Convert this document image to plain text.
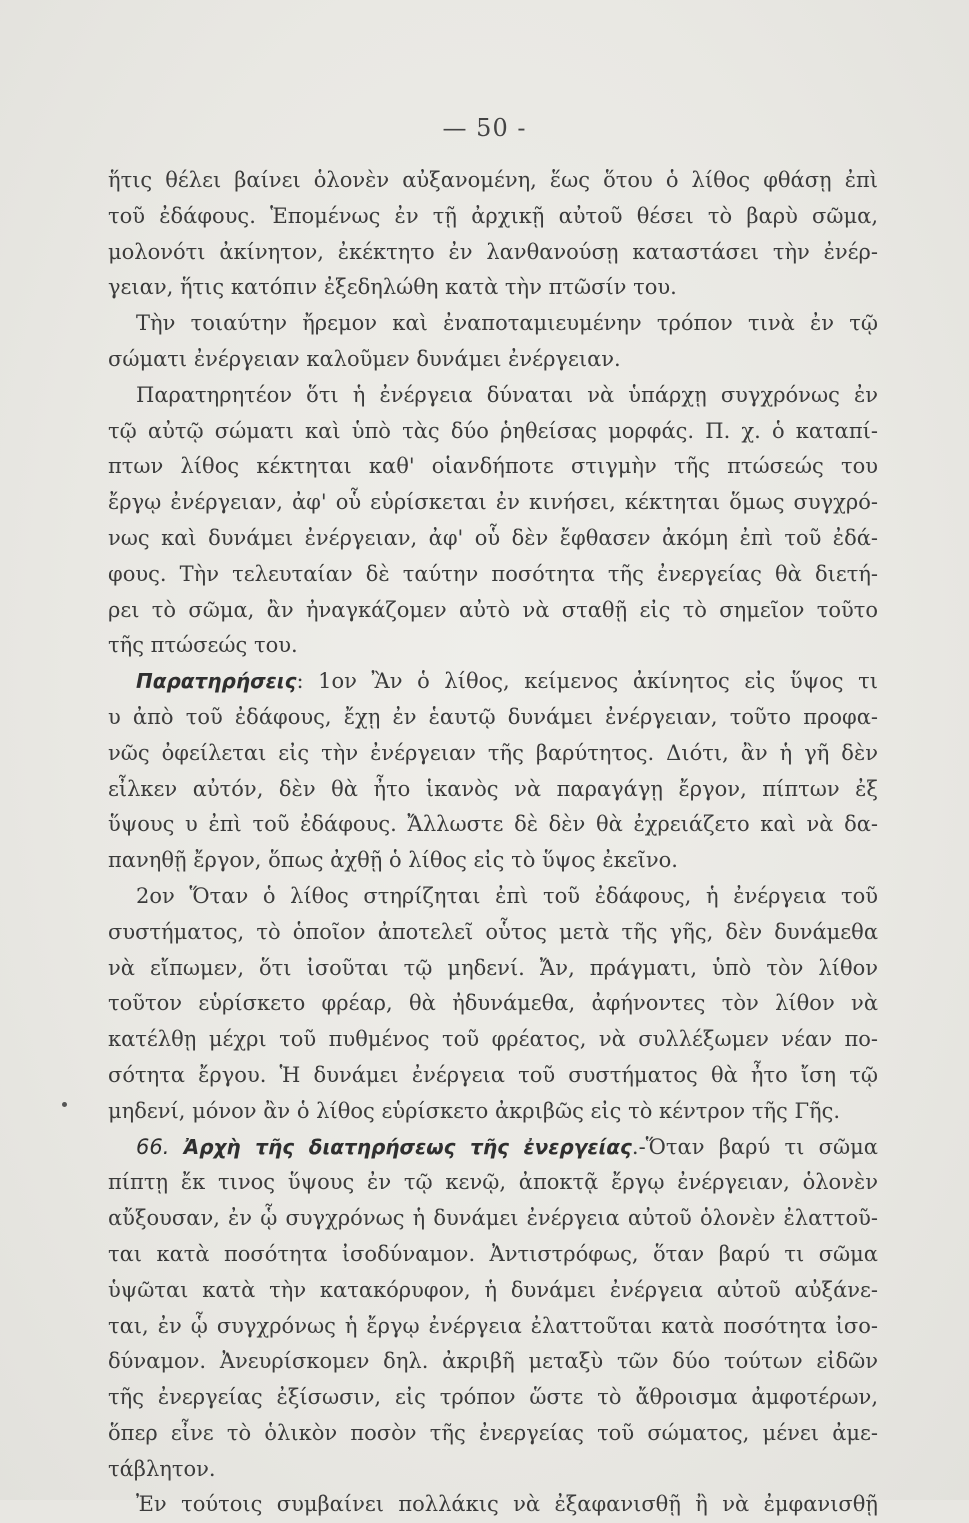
— 50 -
ἥτις θέλει βαίνει ὁλονὲν αὐξανομένη, ἕως ὅτου ὁ λίθος φθάσῃ ἐπὶ
τοῦ ἐδάφους. Ἑπομένως ἐν τῇ ἀρχικῇ αὐτοῦ θέσει τὸ βαρὺ σῶμα,
μολονότι ἀκίνητον, ἐκέκτητο ἐν λανθανούσῃ καταστάσει τὴν ἐνέρ-
γειαν, ἥτις κατόπιν ἐξεδηλώθη κατὰ τὴν πτῶσίν του.
Τὴν τοιαύτην ἤρεμον καὶ ἐναποταμιευμένην τρόπον τινὰ ἐν τῷ
σώματι ἐνέργειαν καλοῦμεν δυνάμει ἐνέργειαν.
Παρατηρητέον ὅτι ἡ ἐνέργεια δύναται νὰ ὑπάρχῃ συγχρόνως ἐν
τῷ αὐτῷ σώματι καὶ ὑπὸ τὰς δύο ῥηθείσας μορφάς. Π. χ. ὁ καταπί-
πτων λίθος κέκτηται καθ' οἱανδήποτε στιγμὴν τῆς πτώσεώς του
ἔργῳ ἐνέργειαν, ἀφ' οὗ εὑρίσκεται ἐν κινήσει, κέκτηται ὅμως συγχρό-
νως καὶ δυνάμει ἐνέργειαν, ἀφ' οὗ δὲν ἔφθασεν ἀκόμη ἐπὶ τοῦ ἐδά-
φους. Τὴν τελευταίαν δὲ ταύτην ποσότητα τῆς ἐνεργείας θὰ διετή-
ρει τὸ σῶμα, ἂν ἠναγκάζομεν αὐτὸ νὰ σταθῇ εἰς τὸ σημεῖον τοῦτο
τῆς πτώσεώς του.
Παρατηρήσεις: 1ον Ἂν ὁ λίθος, κείμενος ἀκίνητος εἰς ὕψος τι
υ ἀπὸ τοῦ ἐδάφους, ἔχῃ ἐν ἑαυτῷ δυνάμει ἐνέργειαν, τοῦτο προφα-
νῶς ὀφείλεται εἰς τὴν ἐνέργειαν τῆς βαρύτητος. Διότι, ἂν ἡ γῆ δὲν
εἶλκεν αὐτόν, δὲν θὰ ἦτο ἱκανὸς νὰ παραγάγῃ ἔργον, πίπτων ἐξ
ὕψους υ ἐπὶ τοῦ ἐδάφους. Ἄλλωστε δὲ δὲν θὰ ἐχρειάζετο καὶ νὰ δα-
πανηθῇ ἔργον, ὅπως ἀχθῇ ὁ λίθος εἰς τὸ ὕψος ἐκεῖνο.
2ον Ὅταν ὁ λίθος στηρίζηται ἐπὶ τοῦ ἐδάφους, ἡ ἐνέργεια τοῦ
συστήματος, τὸ ὁποῖον ἀποτελεῖ οὗτος μετὰ τῆς γῆς, δὲν δυνάμεθα
νὰ εἴπωμεν, ὅτι ἰσοῦται τῷ μηδενί. Ἄν, πράγματι, ὑπὸ τὸν λίθον
τοῦτον εὑρίσκετο φρέαρ, θὰ ἠδυνάμεθα, ἀφήνοντες τὸν λίθον νὰ
κατέλθῃ μέχρι τοῦ πυθμένος τοῦ φρέατος, νὰ συλλέξωμεν νέαν πο-
σότητα ἔργου. Ἡ δυνάμει ἐνέργεια τοῦ συστήματος θὰ ἦτο ἴση τῷ
μηδενί, μόνον ἂν ὁ λίθος εὑρίσκετο ἀκριβῶς εἰς τὸ κέντρον τῆς Γῆς.
66. Ἀρχὴ τῆς διατηρήσεως τῆς ἐνεργείας.-Ὅταν βαρύ τι σῶμα
πίπτῃ ἔκ τινος ὕψους ἐν τῷ κενῷ, ἀποκτᾷ ἔργῳ ἐνέργειαν, ὁλονὲν
αὔξουσαν, ἐν ᾧ συγχρόνως ἡ δυνάμει ἐνέργεια αὐτοῦ ὁλονὲν ἐλαττοῦ-
ται κατὰ ποσότητα ἰσοδύναμον. Ἀντιστρόφως, ὅταν βαρύ τι σῶμα
ὑψῶται κατὰ τὴν κατακόρυφον, ἡ δυνάμει ἐνέργεια αὐτοῦ αὐξάνε-
ται, ἐν ᾧ συγχρόνως ἡ ἔργῳ ἐνέργεια ἐλαττοῦται κατὰ ποσότητα ἰσο-
δύναμον. Ἀνευρίσκομεν δηλ. ἀκριβῆ μεταξὺ τῶν δύο τούτων εἰδῶν
τῆς ἐνεργείας ἐξίσωσιν, εἰς τρόπον ὥστε τὸ ἄθροισμα ἀμφοτέρων,
ὅπερ εἶνε τὸ ὁλικὸν ποσὸν τῆς ἐνεργείας τοῦ σώματος, μένει ἀμε-
τάβλητον.
Ἐν τούτοις συμβαίνει πολλάκις νὰ ἐξαφανισθῇ ἢ νὰ ἐμφανισθῇ
